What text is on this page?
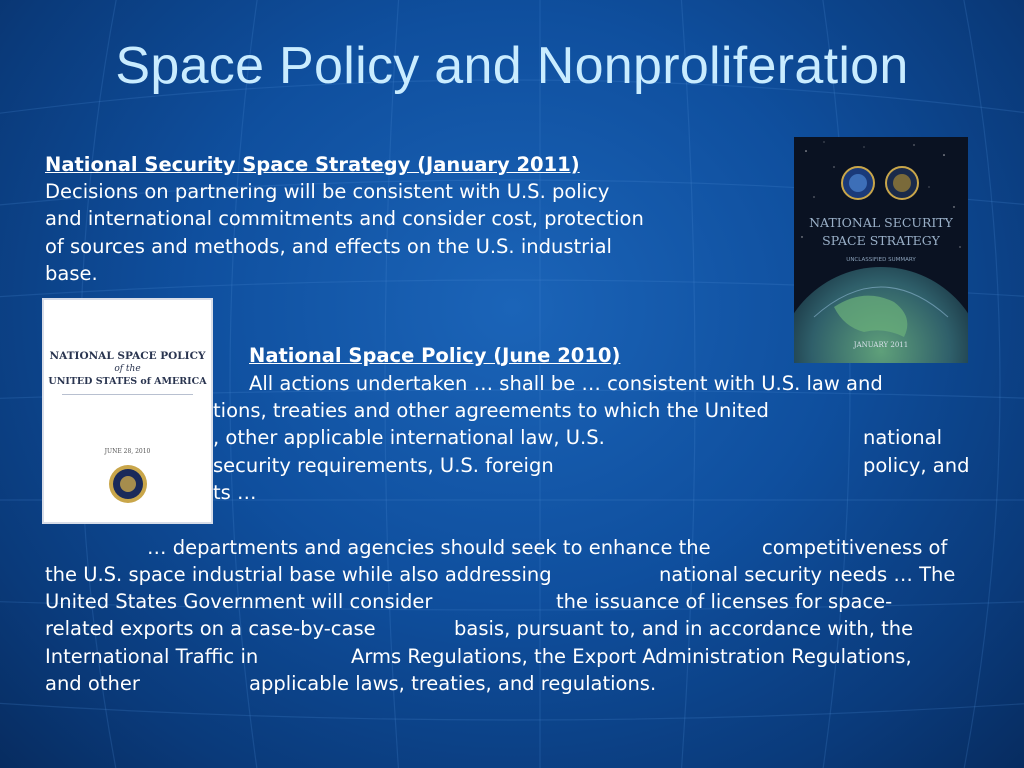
Space Policy and Nonproliferation
NATIONAL SECURITY
SPACE STRATEGY
UNCLASSIFIED SUMMARY
JANUARY 2011
NATIONAL SPACE POLICY
of the
UNITED STATES of AMERICA
JUNE 28, 2010
National Security Space Strategy (January 2011)
Decisions on partnering will be consistent with U.S. policy
and international commitments and consider cost, protection
of sources and methods, and effects on the U.S. industrial
base.
National Space Policy (June 2010)
All actions undertaken … shall be … consistent with U.S. law and
tions, treaties and other agreements to which the United
, other applicable international law, U.S.	national
security requirements, U.S. foreign	policy, and
ts …
… departments and agencies should seek to enhance the	competitiveness of
the U.S. space industrial base while also addressing	national security needs … The
United States Government will consider	the issuance of licenses for space-
related exports on a case-by-case	basis, pursuant to, and in accordance with, the
International Traffic in	Arms Regulations, the Export Administration Regulations,
and other	applicable laws, treaties, and regulations.
